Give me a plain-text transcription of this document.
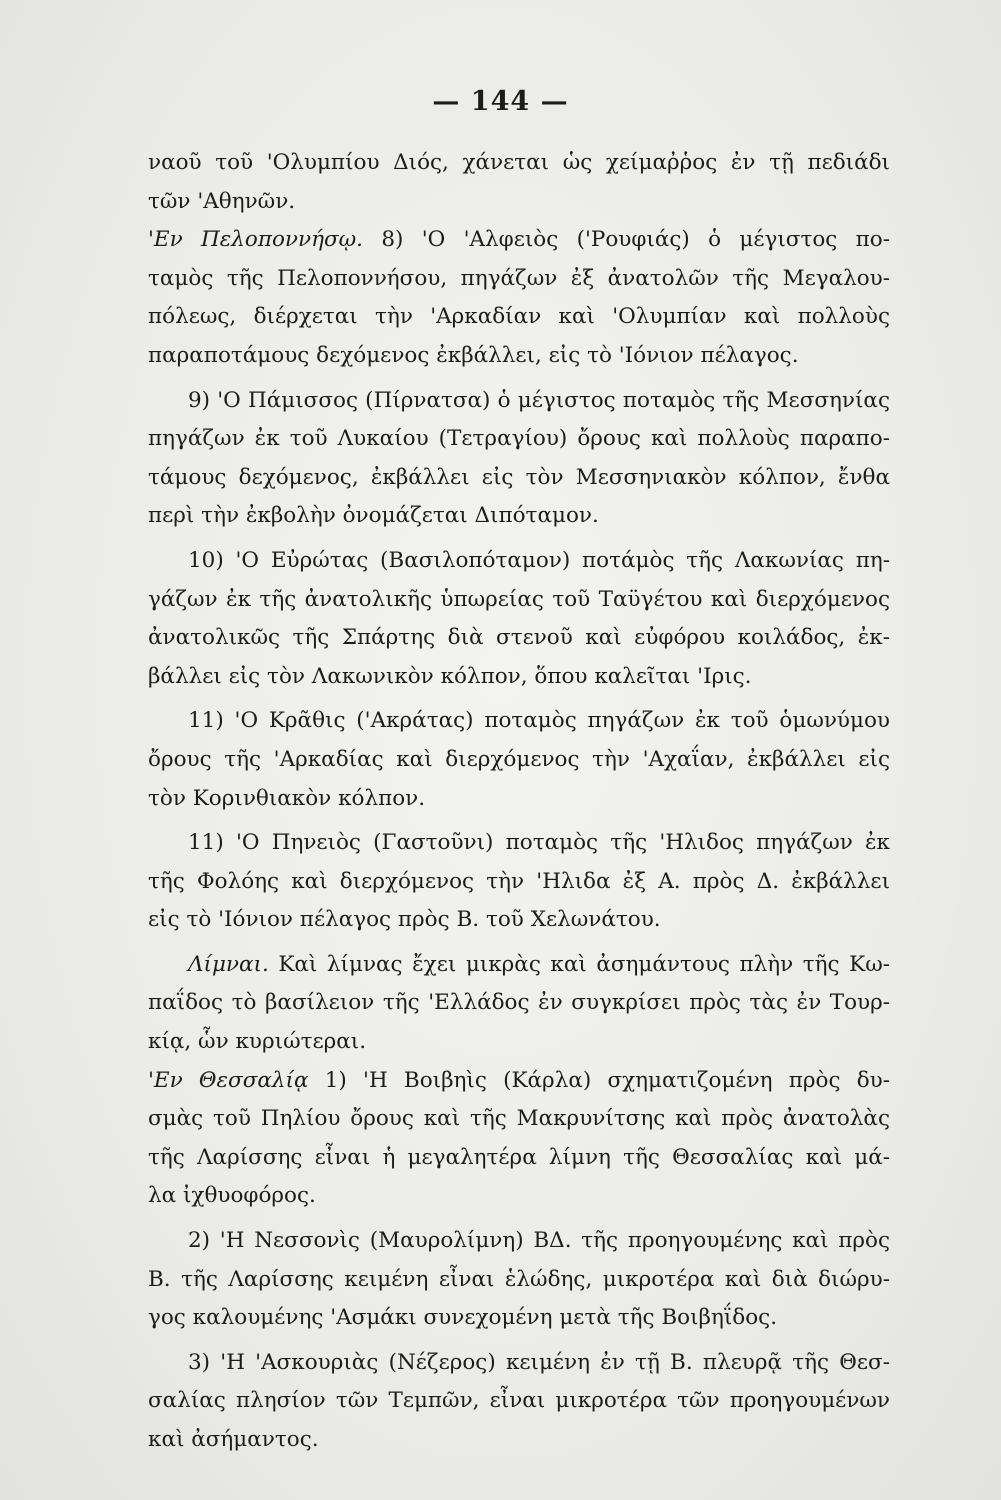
— 144 —
ναοῦ τοῦ 'Ολυμπίου Διός, χάνεται ὡς χείμαῤῥος ἐν τῇ πεδιάδι
τῶν 'Αθηνῶν.
'Εν Πελοποννήσῳ. 8) 'Ο 'Αλφειὸς ('Ρουφιάς) ὁ μέγιστος πο-
ταμὸς τῆς Πελοποννήσου, πηγάζων ἐξ ἀνατολῶν τῆς Μεγαλου-
πόλεως, διέρχεται τὴν 'Αρκαδίαν καὶ 'Ολυμπίαν καὶ πολλοὺς
παραποτάμους δεχόμενος ἐκβάλλει, εἰς τὸ 'Ιόνιον πέλαγος.
9) 'Ο Πάμισσος (Πίρνατσα) ὁ μέγιστος ποταμὸς τῆς Μεσσηνίας
πηγάζων ἐκ τοῦ Λυκαίου (Τετραγίου) ὄρους καὶ πολλοὺς παραπο-
τάμους δεχόμενος, ἐκβάλλει εἰς τὸν Μεσσηνιακὸν κόλπον, ἔνθα
περὶ τὴν ἐκβολὴν ὀνομάζεται Διπόταμον.
10) 'Ο Εὐρώτας (Βασιλοπόταμον) ποτάμὸς τῆς Λακωνίας πη-
γάζων ἐκ τῆς ἀνατολικῆς ὑπωρείας τοῦ Ταϋγέτου καὶ διερχόμενος
ἀνατολικῶς τῆς Σπάρτης διὰ στενοῦ καὶ εὐφόρου κοιλάδος, ἐκ-
βάλλει εἰς τὸν Λακωνικὸν κόλπον, ὅπου καλεῖται 'Ιρις.
11) 'Ο Κρᾶθις ('Ακράτας) ποταμὸς πηγάζων ἐκ τοῦ ὁμωνύμου
ὄρους τῆς 'Αρκαδίας καὶ διερχόμενος τὴν 'Αχαΐαν, ἐκβάλλει εἰς
τὸν Κορινθιακὸν κόλπον.
11) 'Ο Πηνειὸς (Γαστοῦνι) ποταμὸς τῆς 'Ηλιδος πηγάζων ἐκ
τῆς Φολόης καὶ διερχόμενος τὴν 'Ηλιδα ἐξ Α. πρὸς Δ. ἐκβάλλει
εἰς τὸ 'Ιόνιον πέλαγος πρὸς Β. τοῦ Χελωνάτου.
Λίμναι. Καὶ λίμνας ἔχει μικρὰς καὶ ἀσημάντους πλὴν τῆς Κω-
παΐδος τὸ βασίλειον τῆς 'Ελλάδος ἐν συγκρίσει πρὸς τὰς ἐν Τουρ-
κίᾳ, ὧν κυριώτεραι.
'Εν Θεσσαλίᾳ 1) 'Η Βοιβηὶς (Κάρλα) σχηματιζομένη πρὸς δυ-
σμὰς τοῦ Πηλίου ὄρους καὶ τῆς Μακρυνίτσης καὶ πρὸς ἀνατολὰς
τῆς Λαρίσσης εἶναι ἡ μεγαλητέρα λίμνη τῆς Θεσσαλίας καὶ μά-
λα ἰχθυοφόρος.
2) 'Η Νεσσονὶς (Μαυρολίμνη) ΒΔ. τῆς προηγουμένης καὶ πρὸς
Β. τῆς Λαρίσσης κειμένη εἶναι ἑλώδης, μικροτέρα καὶ διὰ διώρυ-
γος καλουμένης 'Ασμάκι συνεχομένη μετὰ τῆς Βοιβηΐδος.
3) 'Η 'Ασκουριὰς (Νέζερος) κειμένη ἐν τῇ Β. πλευρᾷ τῆς Θεσ-
σαλίας πλησίον τῶν Τεμπῶν, εἶναι μικροτέρα τῶν προηγουμένων
καὶ ἀσήμαντος.
